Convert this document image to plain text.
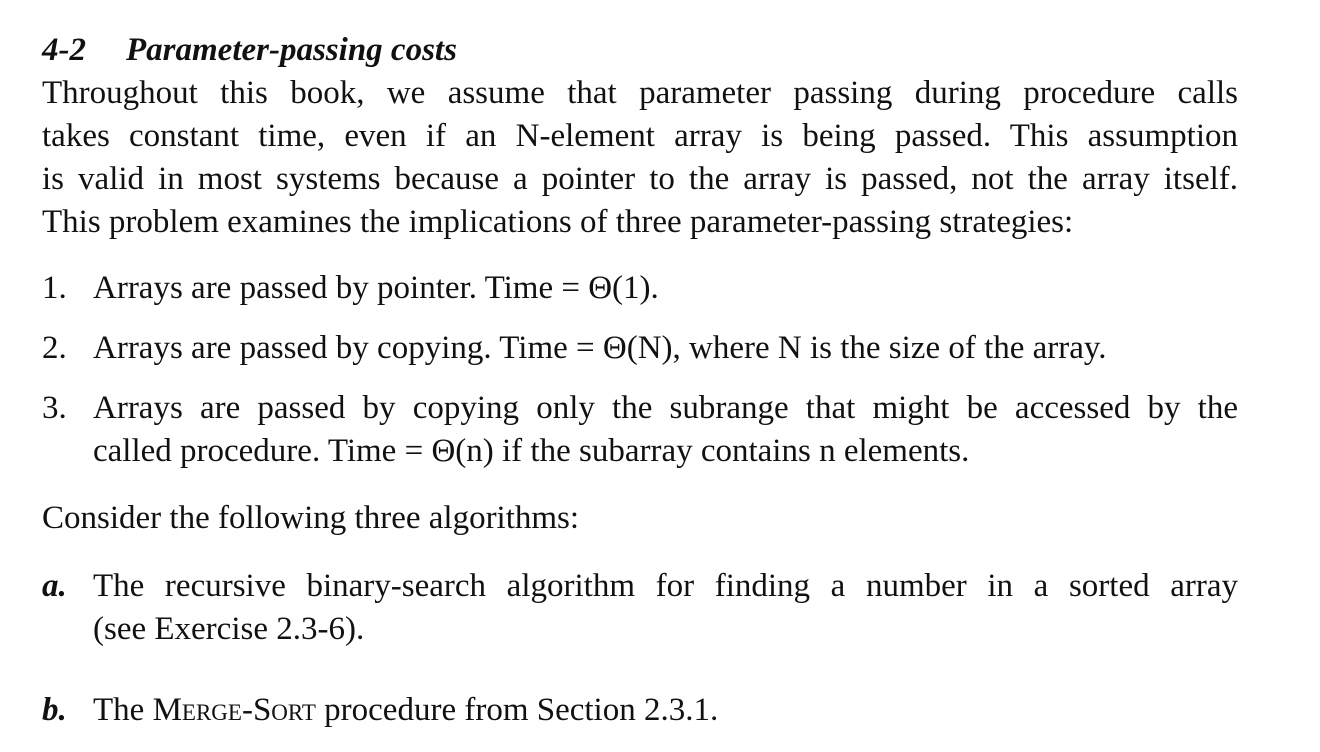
4-2 Parameter-passing costs
Throughout this book, we assume that parameter passing during procedure calls
takes constant time, even if an N-element array is being passed. This assumption
is valid in most systems because a pointer to the array is passed, not the array itself.
This problem examines the implications of three parameter-passing strategies:
1. Arrays are passed by pointer. Time = Θ(1).
2. Arrays are passed by copying. Time = Θ(N), where N is the size of the array.
3. Arrays are passed by copying only the subrange that might be accessed by the
called procedure. Time = Θ(n) if the subarray contains n elements.
Consider the following three algorithms:
a. The recursive binary-search algorithm for finding a number in a sorted array
(see Exercise 2.3-6).
b. The Merge-Sort procedure from Section 2.3.1.
